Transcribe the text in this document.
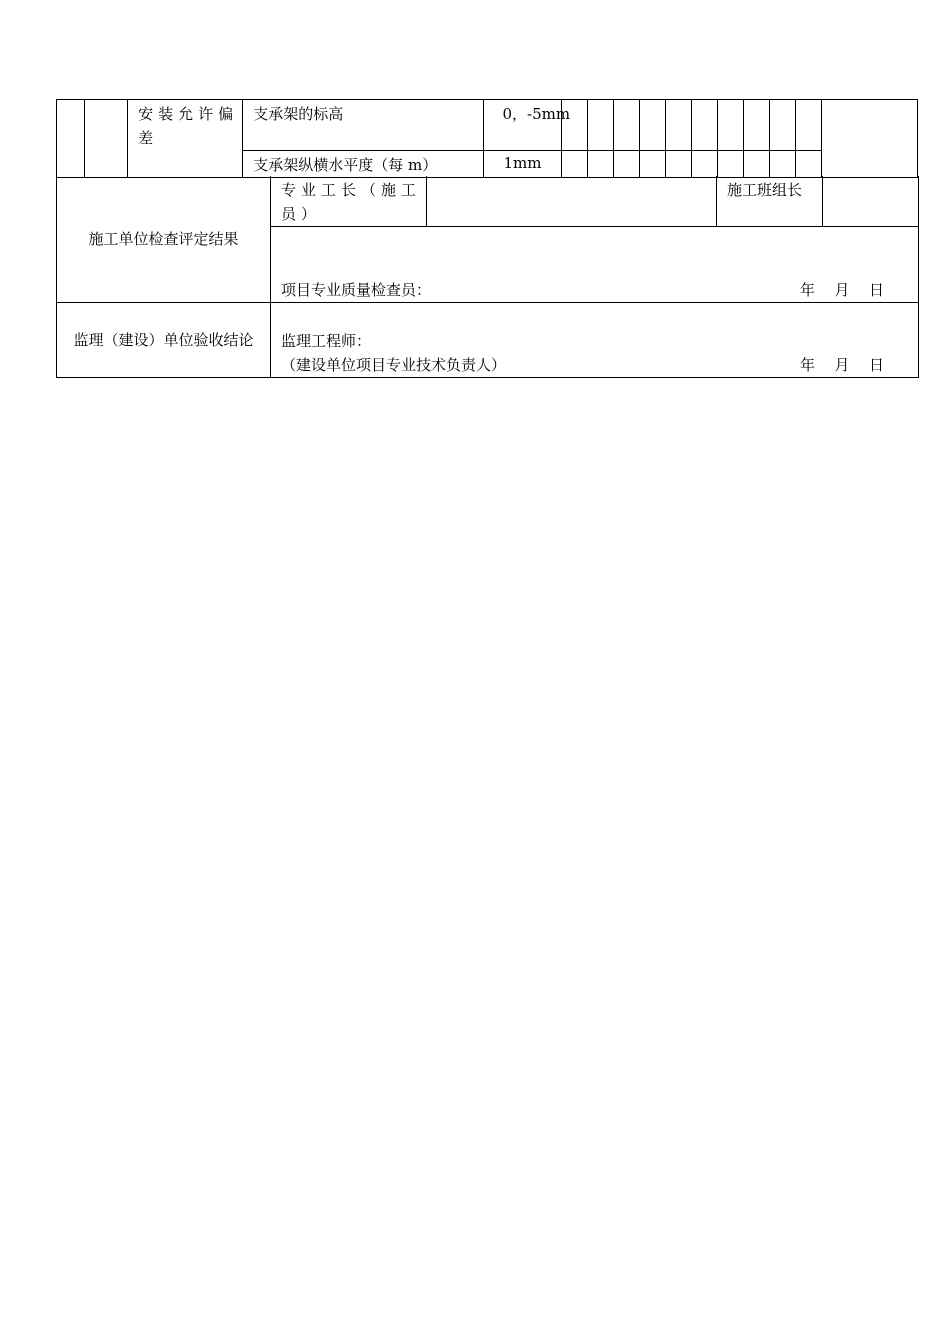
		安装允许偏差	支承架的标高	0，-5mm											
			支承架纵横水平度（每 m）	1mm											
施工单位检查评定结果	专业工长（施工员）		施工班组长	

	项目专业质量检查员： 年 月 日			

监理（建设）单位验收结论	监理工程师：
（建设单位项目专业技术负责人） 年 月 日			
